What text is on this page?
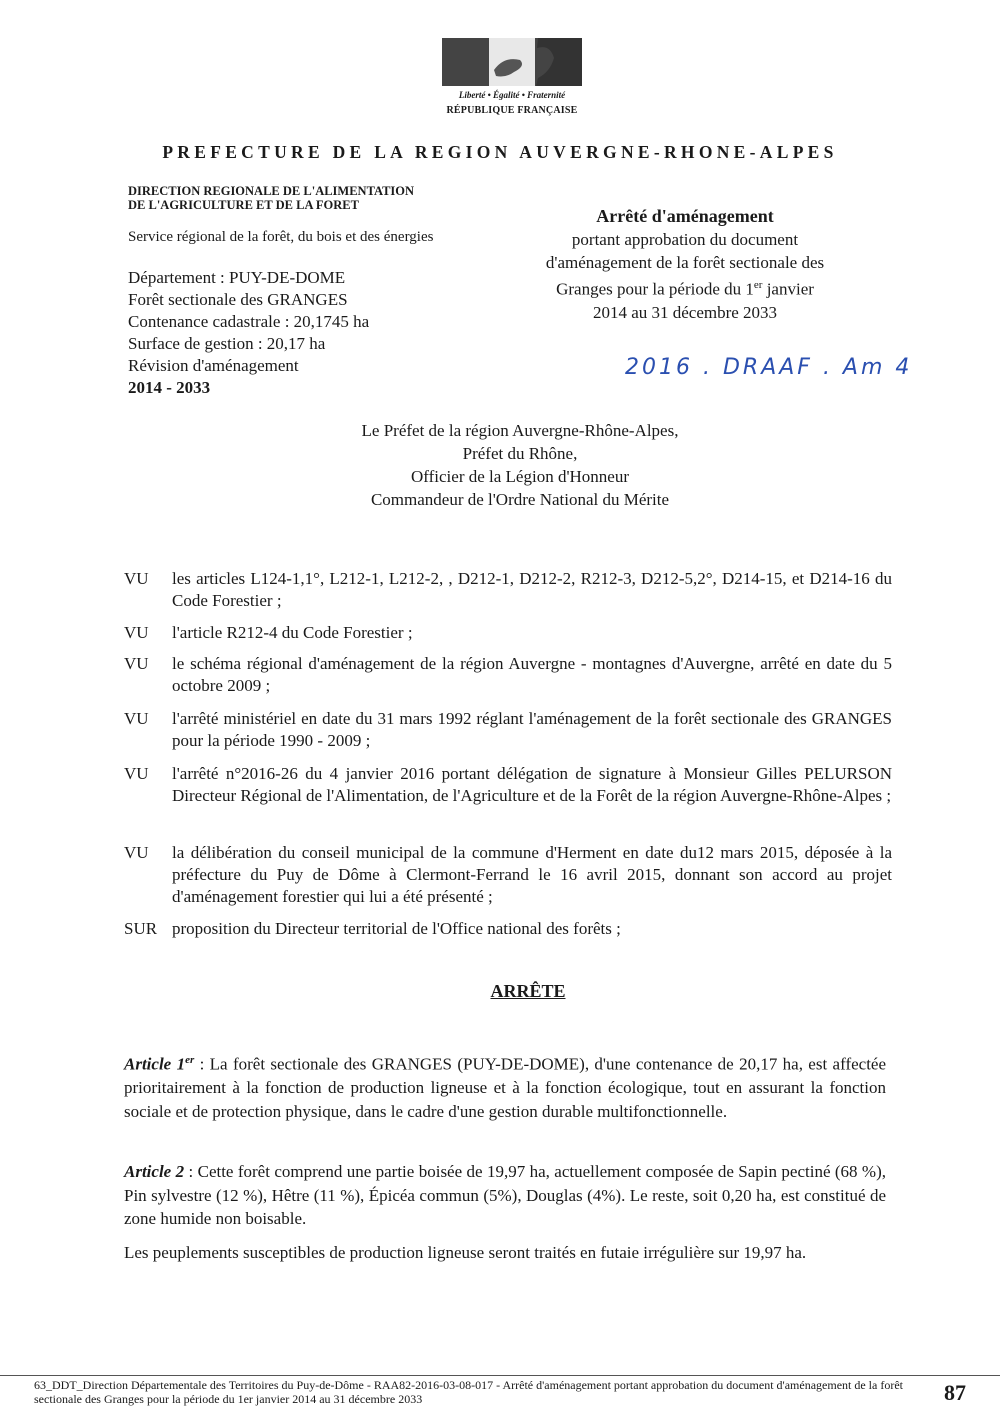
Liberté • Égalité • Fraternité
RÉPUBLIQUE FRANÇAISE
PREFECTURE DE LA REGION AUVERGNE-RHONE-ALPES
DIRECTION REGIONALE DE L'ALIMENTATION
DE L'AGRICULTURE ET DE LA FORET
Service régional de la forêt, du bois et des énergies
Département : PUY-DE-DOME
Forêt sectionale des GRANGES
Contenance cadastrale : 20,1745 ha
Surface de gestion : 20,17 ha
Révision d'aménagement
2014 - 2033
Arrêté d'aménagement
portant approbation du document
d'aménagement de la forêt sectionale des
Granges pour la période du 1er janvier
2014 au 31 décembre 2033
2016 . DRAAF . Am 4
Le Préfet de la région Auvergne-Rhône-Alpes,
Préfet du Rhône,
Officier de la Légion d'Honneur
Commandeur de l'Ordre National du Mérite
VU	les articles L124-1,1°, L212-1, L212-2, , D212-1, D212-2, R212-3, D212-5,2°, D214-15, et D214-16 du Code Forestier ;
VU	l'article R212-4 du Code Forestier ;
VU	le schéma régional d'aménagement de la région Auvergne - montagnes d'Auvergne, arrêté en date du 5 octobre 2009 ;
VU	l'arrêté ministériel en date du 31 mars 1992 réglant l'aménagement de la forêt sectionale des GRANGES pour la période 1990 - 2009 ;
VU	l'arrêté n°2016-26 du 4 janvier 2016 portant délégation de signature à Monsieur Gilles PELURSON Directeur Régional de l'Alimentation, de l'Agriculture et de la Forêt de la région Auvergne-Rhône-Alpes ;
VU	la délibération du conseil municipal de la commune d'Herment en date du12 mars 2015, déposée à la préfecture du Puy de Dôme à Clermont-Ferrand le 16 avril 2015, donnant son accord au projet d'aménagement forestier qui lui a été présenté ;
SUR proposition du Directeur territorial de l'Office national des forêts ;
ARRÊTE
Article 1er : La forêt sectionale des GRANGES (PUY-DE-DOME), d'une contenance de 20,17 ha, est affectée prioritairement à la fonction de production ligneuse et à la fonction écologique, tout en assurant la fonction sociale et de protection physique, dans le cadre d'une gestion durable multifonctionnelle.
Article 2 : Cette forêt comprend une partie boisée de 19,97 ha, actuellement composée de Sapin pectiné (68 %), Pin sylvestre (12 %), Hêtre (11 %), Épicéa commun (5%), Douglas (4%). Le reste, soit 0,20 ha, est constitué de zone humide non boisable.
Les peuplements susceptibles de production ligneuse seront traités en futaie irrégulière sur 19,97 ha.
63_DDT_Direction Départementale des Territoires du Puy-de-Dôme - RAA82-2016-03-08-017 - Arrêté d'aménagement portant approbation du document d'aménagement de la forêt sectionale des Granges pour la période du 1er janvier 2014 au 31 décembre 2033	87
